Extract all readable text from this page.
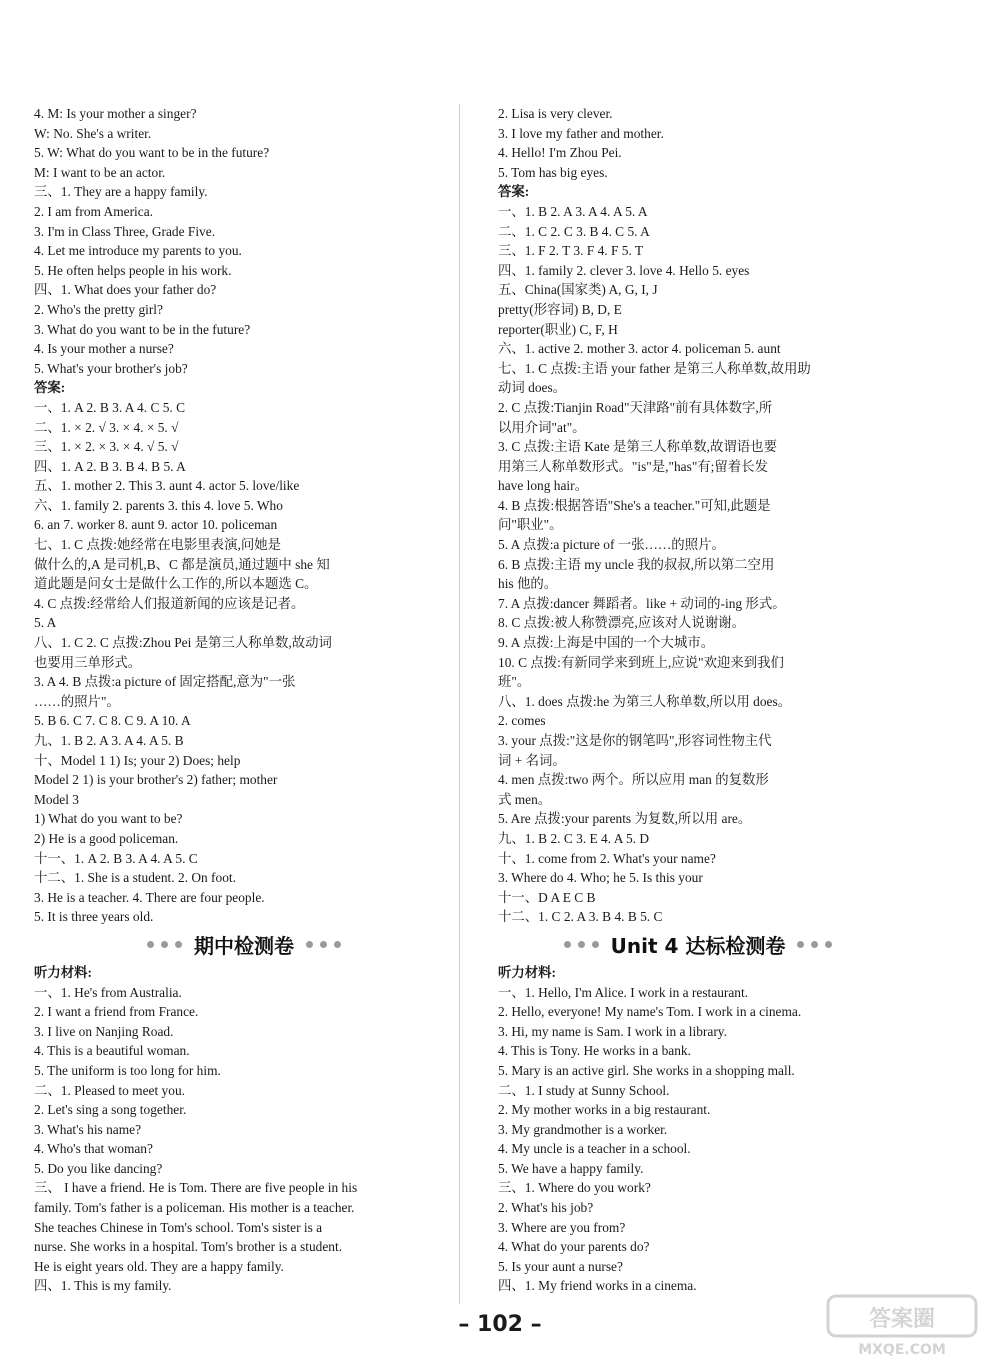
4. M: Is your mother a singer?
W: No. She's a writer.
5. W: What do you want to be in the future?
M: I want to be an actor.
三、1. They are a happy family.
2. I am from America.
3. I'm in Class Three, Grade Five.
4. Let me introduce my parents to you.
5. He often helps people in his work.
四、1. What does your father do?
2. Who's the pretty girl?
3. What do you want to be in the future?
4. Is your mother a nurse?
5. What's your brother's job?
答案:
一、1. A 2. B 3. A 4. C 5. C
二、1. × 2. √ 3. × 4. × 5. √
三、1. × 2. × 3. × 4. √ 5. √
四、1. A 2. B 3. B 4. B 5. A
五、1. mother 2. This 3. aunt 4. actor 5. love/like
六、1. family 2. parents 3. this 4. love 5. Who
6. an 7. worker 8. aunt 9. actor 10. policeman
七、1. C 点拨:她经常在电影里表演,问她是
做什么的,A 是司机,B、C 都是演员,通过题中 she 知
道此题是问女士是做什么工作的,所以本题选 C。
4. C 点拨:经常给人们报道新闻的应该是记者。
5. A
八、1. C 2. C 点拨:Zhou Pei 是第三人称单数,故动词
也要用三单形式。
3. A 4. B 点拨:a picture of 固定搭配,意为"一张
……的照片"。
5. B 6. C 7. C 8. C 9. A 10. A
九、1. B 2. A 3. A 4. A 5. B
十、Model 1 1) Is; your 2) Does; help
Model 2 1) is your brother's 2) father; mother
Model 3
1) What do you want to be?
2) He is a good policeman.
十一、1. A 2. B 3. A 4. A 5. C
十二、1. She is a student. 2. On foot.
3. He is a teacher. 4. There are four people.
5. It is three years old.
期中检测卷
听力材料:
一、1. He's from Australia.
2. I want a friend from France.
3. I live on Nanjing Road.
4. This is a beautiful woman.
5. The uniform is too long for him.
二、1. Pleased to meet you.
2. Let's sing a song together.
3. What's his name?
4. Who's that woman?
5. Do you like dancing?
三、 I have a friend. He is Tom. There are five people in his
family. Tom's father is a policeman. His mother is a teacher.
She teaches Chinese in Tom's school. Tom's sister is a
nurse. She works in a hospital. Tom's brother is a student.
He is eight years old. They are a happy family.
四、1. This is my family.
2. Lisa is very clever.
3. I love my father and mother.
4. Hello! I'm Zhou Pei.
5. Tom has big eyes.
答案:
一、1. B 2. A 3. A 4. A 5. A
二、1. C 2. C 3. B 4. C 5. A
三、1. F 2. T 3. F 4. F 5. T
四、1. family 2. clever 3. love 4. Hello 5. eyes
五、China(国家类) A, G, I, J
pretty(形容词) B, D, E
reporter(职业) C, F, H
六、1. active 2. mother 3. actor 4. policeman 5. aunt
七、1. C 点拨:主语 your father 是第三人称单数,故用助
动词 does。
2. C 点拨:Tianjin Road"天津路"前有具体数字,所
以用介词"at"。
3. C 点拨:主语 Kate 是第三人称单数,故谓语也要
用第三人称单数形式。"is"是,"has"有;留着长发
have long hair。
4. B 点拨:根据答语"She's a teacher."可知,此题是
问"职业"。
5. A 点拨:a picture of 一张……的照片。
6. B 点拨:主语 my uncle 我的叔叔,所以第二空用
his 他的。
7. A 点拨:dancer 舞蹈者。like + 动词的-ing 形式。
8. C 点拨:被人称赞漂亮,应该对人说谢谢。
9. A 点拨:上海是中国的一个大城市。
10. C 点拨:有新同学来到班上,应说"欢迎来到我们
班"。
八、1. does 点拨:he 为第三人称单数,所以用 does。
2. comes
3. your 点拨:"这是你的钢笔吗",形容词性物主代
词 + 名词。
4. men 点拨:two 两个。所以应用 man 的复数形
式 men。
5. Are 点拨:your parents 为复数,所以用 are。
九、1. B 2. C 3. E 4. A 5. D
十、1. come from 2. What's your name?
3. Where do 4. Who; he 5. Is this your
十一、D A E C B
十二、1. C 2. A 3. B 4. B 5. C
Unit 4 达标检测卷
听力材料:
一、1. Hello, I'm Alice. I work in a restaurant.
2. Hello, everyone! My name's Tom. I work in a cinema.
3. Hi, my name is Sam. I work in a library.
4. This is Tony. He works in a bank.
5. Mary is an active girl. She works in a shopping mall.
二、1. I study at Sunny School.
2. My mother works in a big restaurant.
3. My grandmother is a worker.
4. My uncle is a teacher in a school.
5. We have a happy family.
三、1. Where do you work?
2. What's his job?
3. Where are you from?
4. What do your parents do?
5. Is your aunt a nurse?
四、1. My friend works in a cinema.
– 102 –	答案圈
MXQE.COM
